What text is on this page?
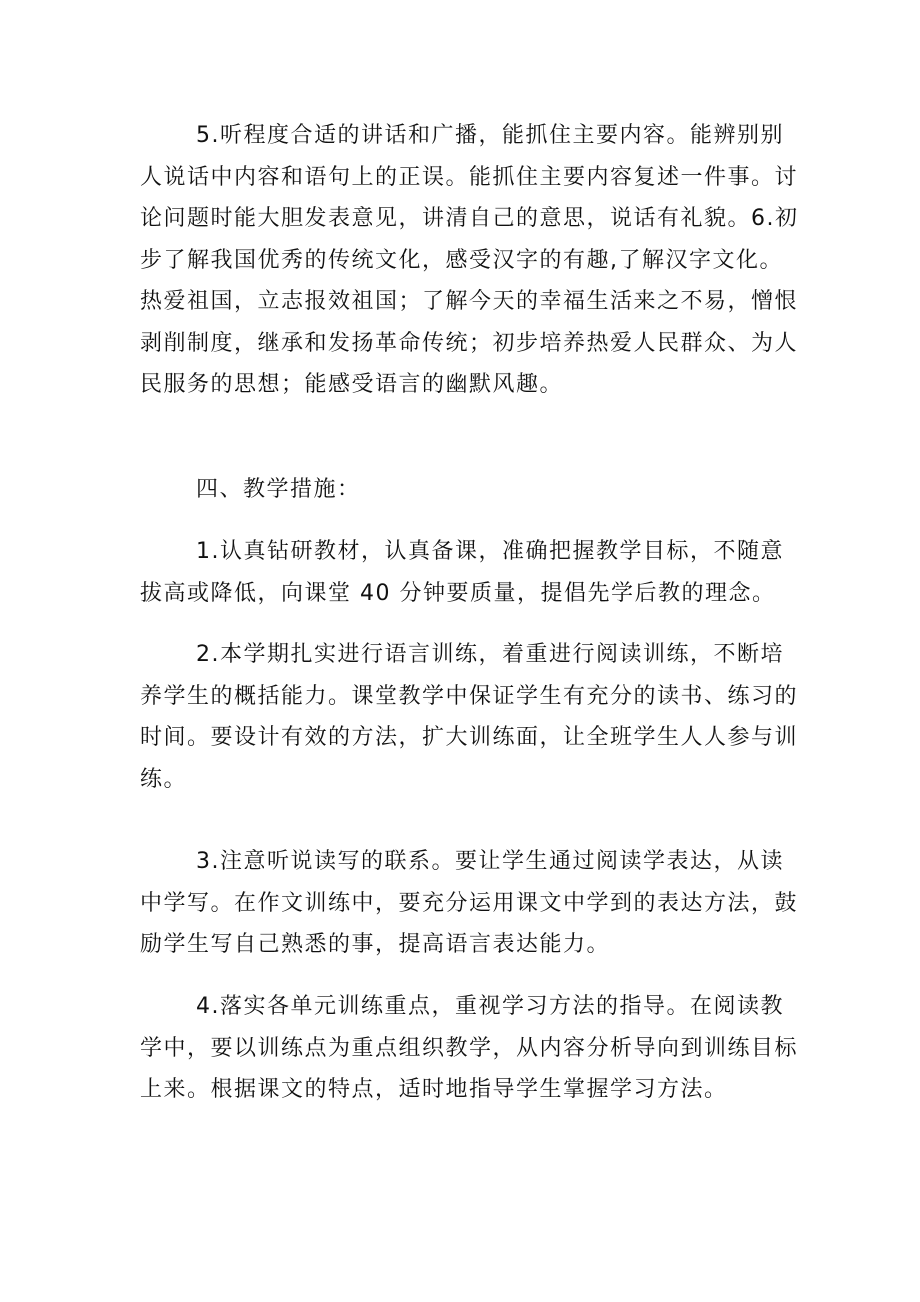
5.听程度合适的讲话和广播，能抓住主要内容。能辨别别
人说话中内容和语句上的正误。能抓住主要内容复述一件事。讨
论问题时能大胆发表意见，讲清自己的意思，说话有礼貌。6.初
步了解我国优秀的传统文化，感受汉字的有趣,了解汉字文化。
热爱祖国，立志报效祖国；了解今天的幸福生活来之不易，憎恨
剥削制度，继承和发扬革命传统；初步培养热爱人民群众、为人
民服务的思想；能感受语言的幽默风趣。

四、教学措施：

1.认真钻研教材，认真备课，准确把握教学目标，不随意
拔高或降低，向课堂 40 分钟要质量，提倡先学后教的理念。

2.本学期扎实进行语言训练，着重进行阅读训练，不断培
养学生的概括能力。课堂教学中保证学生有充分的读书、练习的
时间。要设计有效的方法，扩大训练面，让全班学生人人参与训
练。

3.注意听说读写的联系。要让学生通过阅读学表达，从读
中学写。在作文训练中，要充分运用课文中学到的表达方法，鼓
励学生写自己熟悉的事，提高语言表达能力。

4.落实各单元训练重点，重视学习方法的指导。在阅读教
学中，要以训练点为重点组织教学，从内容分析导向到训练目标
上来。根据课文的特点，适时地指导学生掌握学习方法。
